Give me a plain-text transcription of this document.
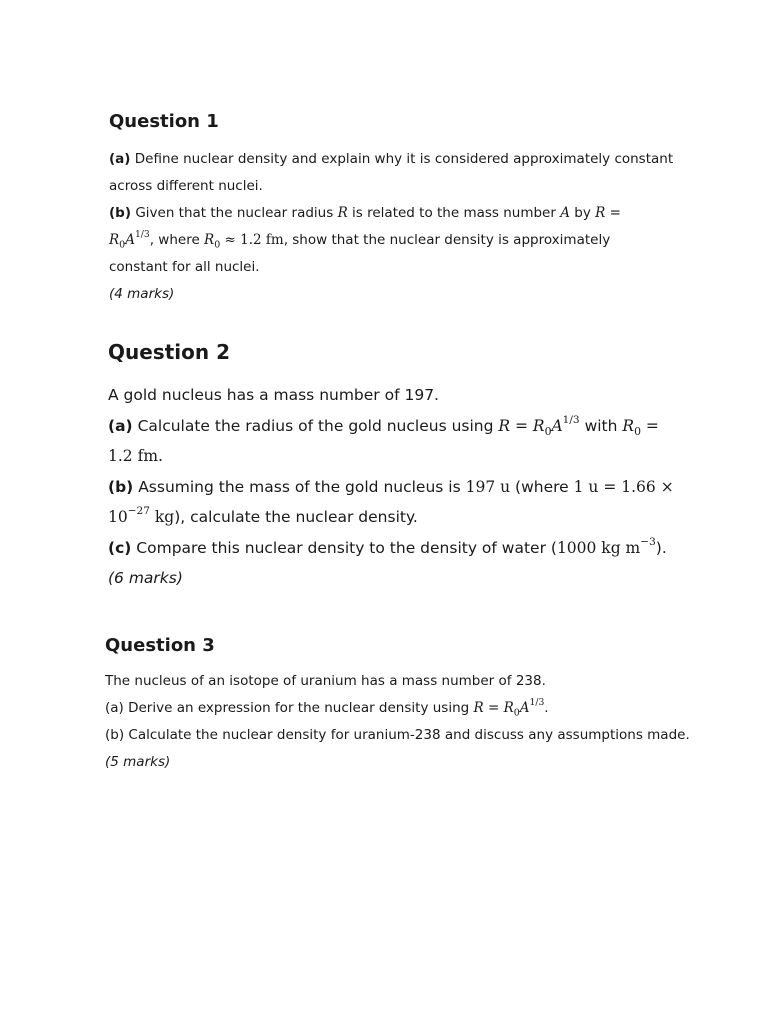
Question 1

(a) Define nuclear density and explain why it is considered approximately constant

across different nuclei.

(b) Given that the nuclear radius R is related to the mass number A by R =

$R_0A^{1/3}$, where $R_0 \approx 1.2$ fm, show that the nuclear density is approximately

constant for all nuclei.

(4 marks)

Question 2

A gold nucleus has a mass number of 197.

(a) Calculate the radius of the gold nucleus using $R = R_0A^{1/3}$ with $R_0$ =

1.2 fm.

(b) Assuming the mass of the gold nucleus is 197 u (where 1 u = 1.66 ×

$10^{-27}$ kg), calculate the nuclear density.

(c) Compare this nuclear density to the density of water (1000 kg $m^{-3}$).

(6 marks)

Question 3

The nucleus of an isotope of uranium has a mass number of 238.

(a) Derive an expression for the nuclear density using $R = R_0A^{1/3}$.

(b) Calculate the nuclear density for uranium-238 and discuss any assumptions made.

(5 marks)
